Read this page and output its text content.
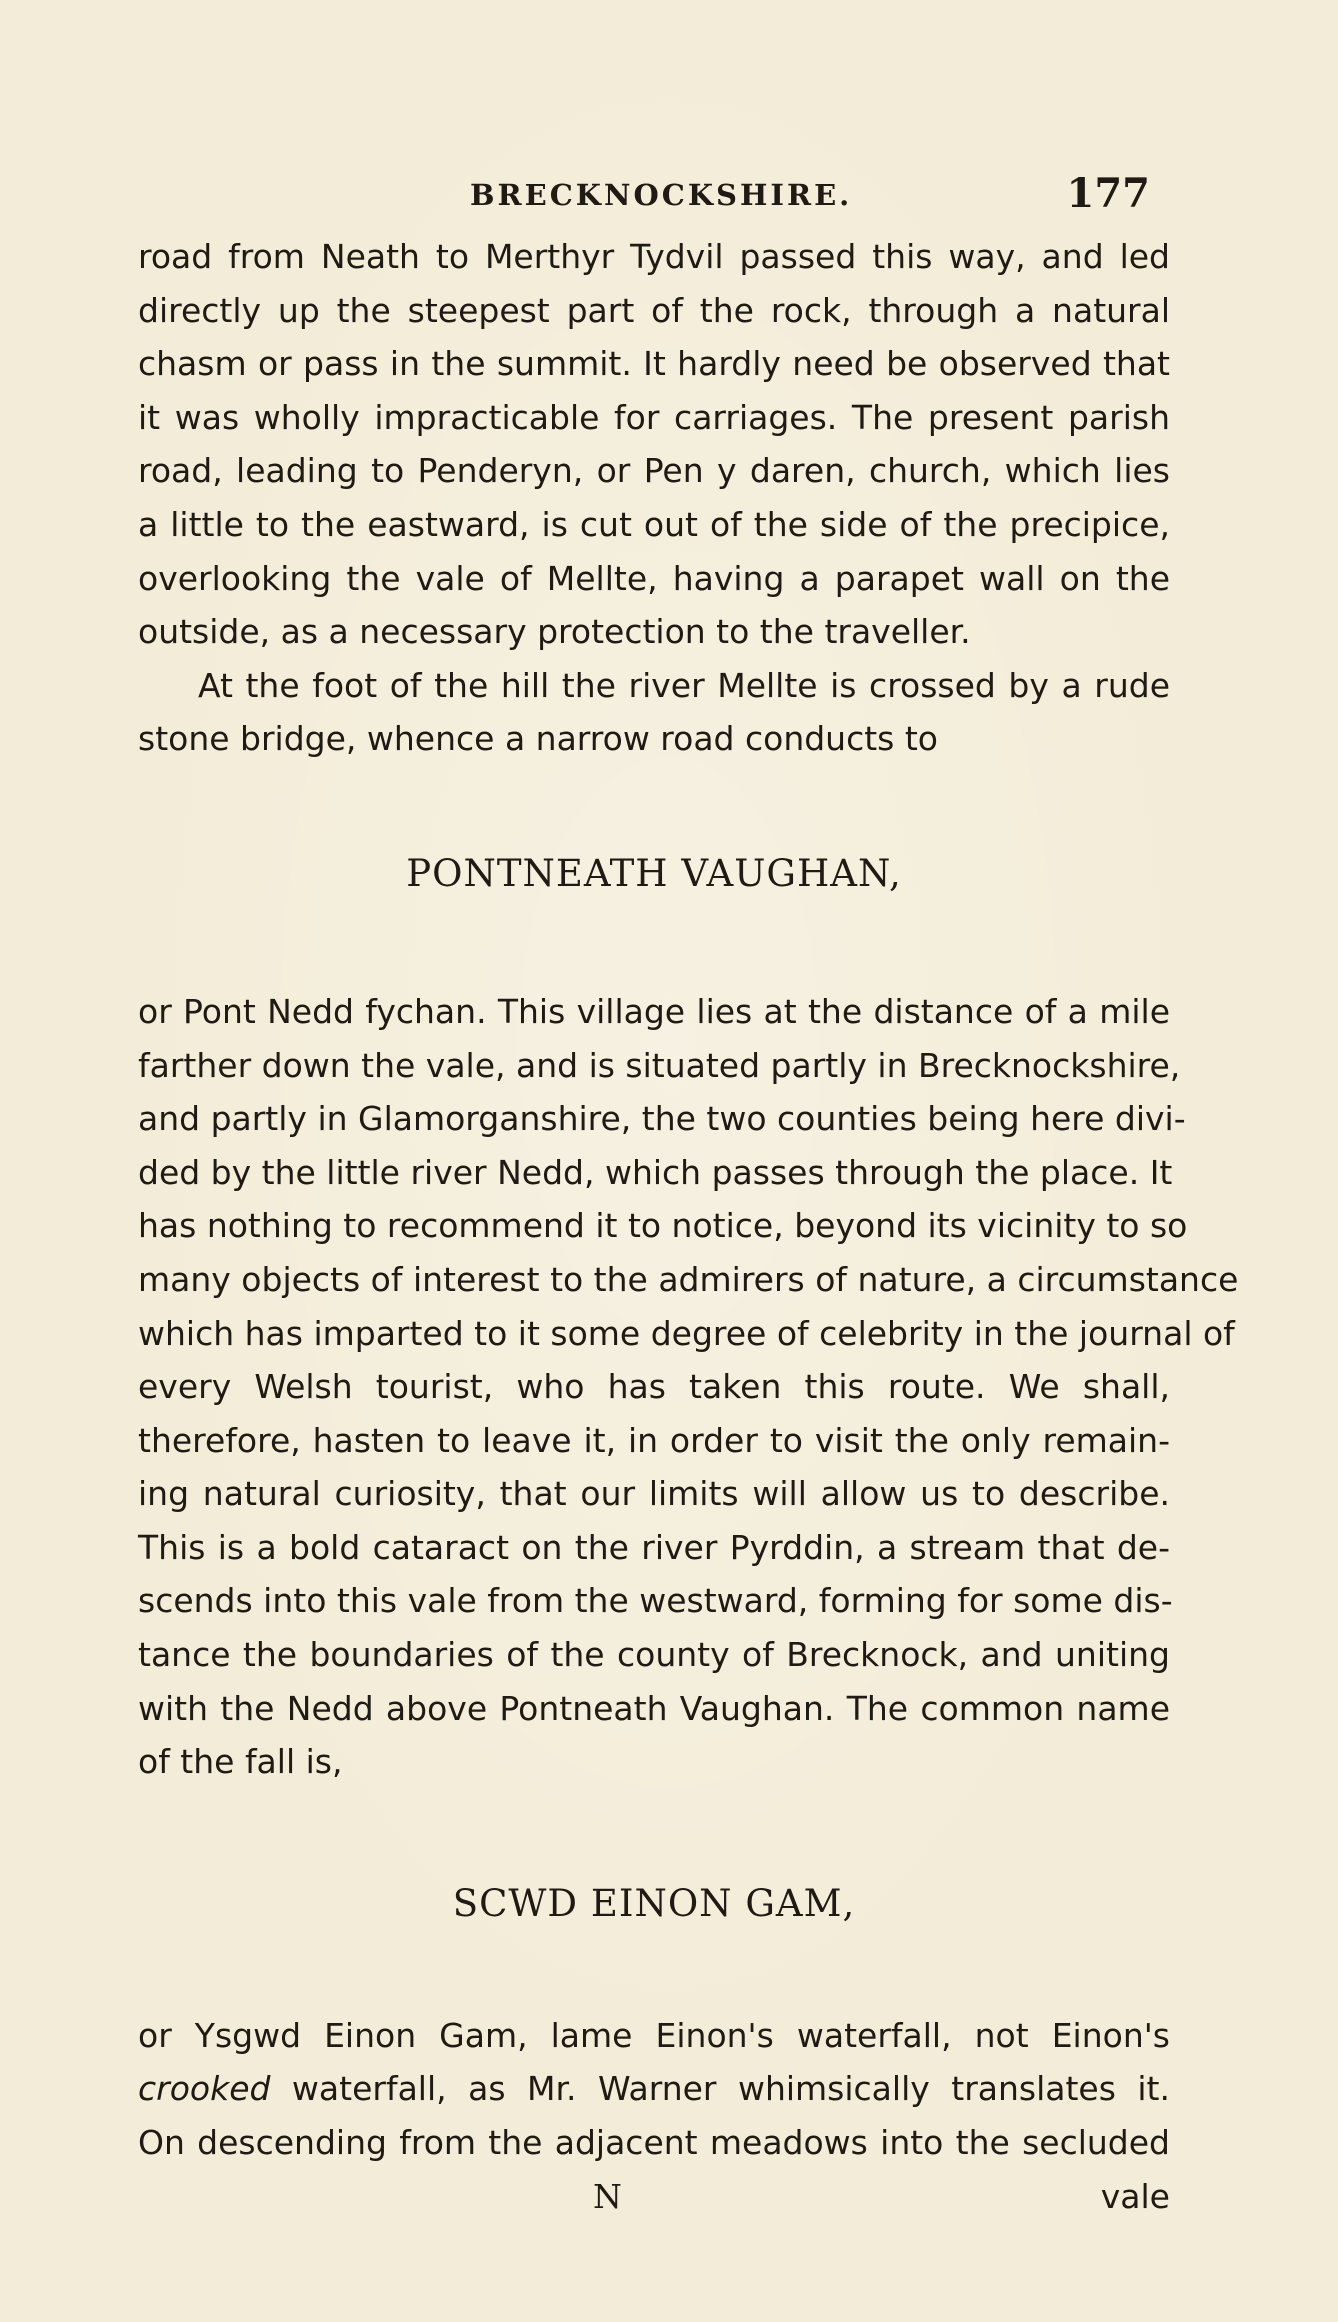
BRECKNOCKSHIRE.	177
road from Neath to Merthyr Tydvil passed this way, and led
directly up the steepest part of the rock, through a natural
chasm or pass in the summit. It hardly need be observed that
it was wholly impracticable for carriages. The present parish
road, leading to Penderyn, or Pen y daren, church, which lies
a little to the eastward, is cut out of the side of the precipice,
overlooking the vale of Mellte, having a parapet wall on the
outside, as a necessary protection to the traveller.
At the foot of the hill the river Mellte is crossed by a rude
stone bridge, whence a narrow road conducts to
PONTNEATH VAUGHAN,
or Pont Nedd fychan. This village lies at the distance of a mile
farther down the vale, and is situated partly in Brecknockshire,
and partly in Glamorganshire, the two counties being here divi-
ded by the little river Nedd, which passes through the place. It
has nothing to recommend it to notice, beyond its vicinity to so
many objects of interest to the admirers of nature, a circumstance
which has imparted to it some degree of celebrity in the journal of
every Welsh tourist, who has taken this route. We shall,
therefore, hasten to leave it, in order to visit the only remain-
ing natural curiosity, that our limits will allow us to describe.
This is a bold cataract on the river Pyrddin, a stream that de-
scends into this vale from the westward, forming for some dis-
tance the boundaries of the county of Brecknock, and uniting
with the Nedd above Pontneath Vaughan. The common name
of the fall is,
SCWD EINON GAM,
or Ysgwd Einon Gam, lame Einon's waterfall, not Einon's
crooked waterfall, as Mr. Warner whimsically translates it.
On descending from the adjacent meadows into the secluded
N	vale
